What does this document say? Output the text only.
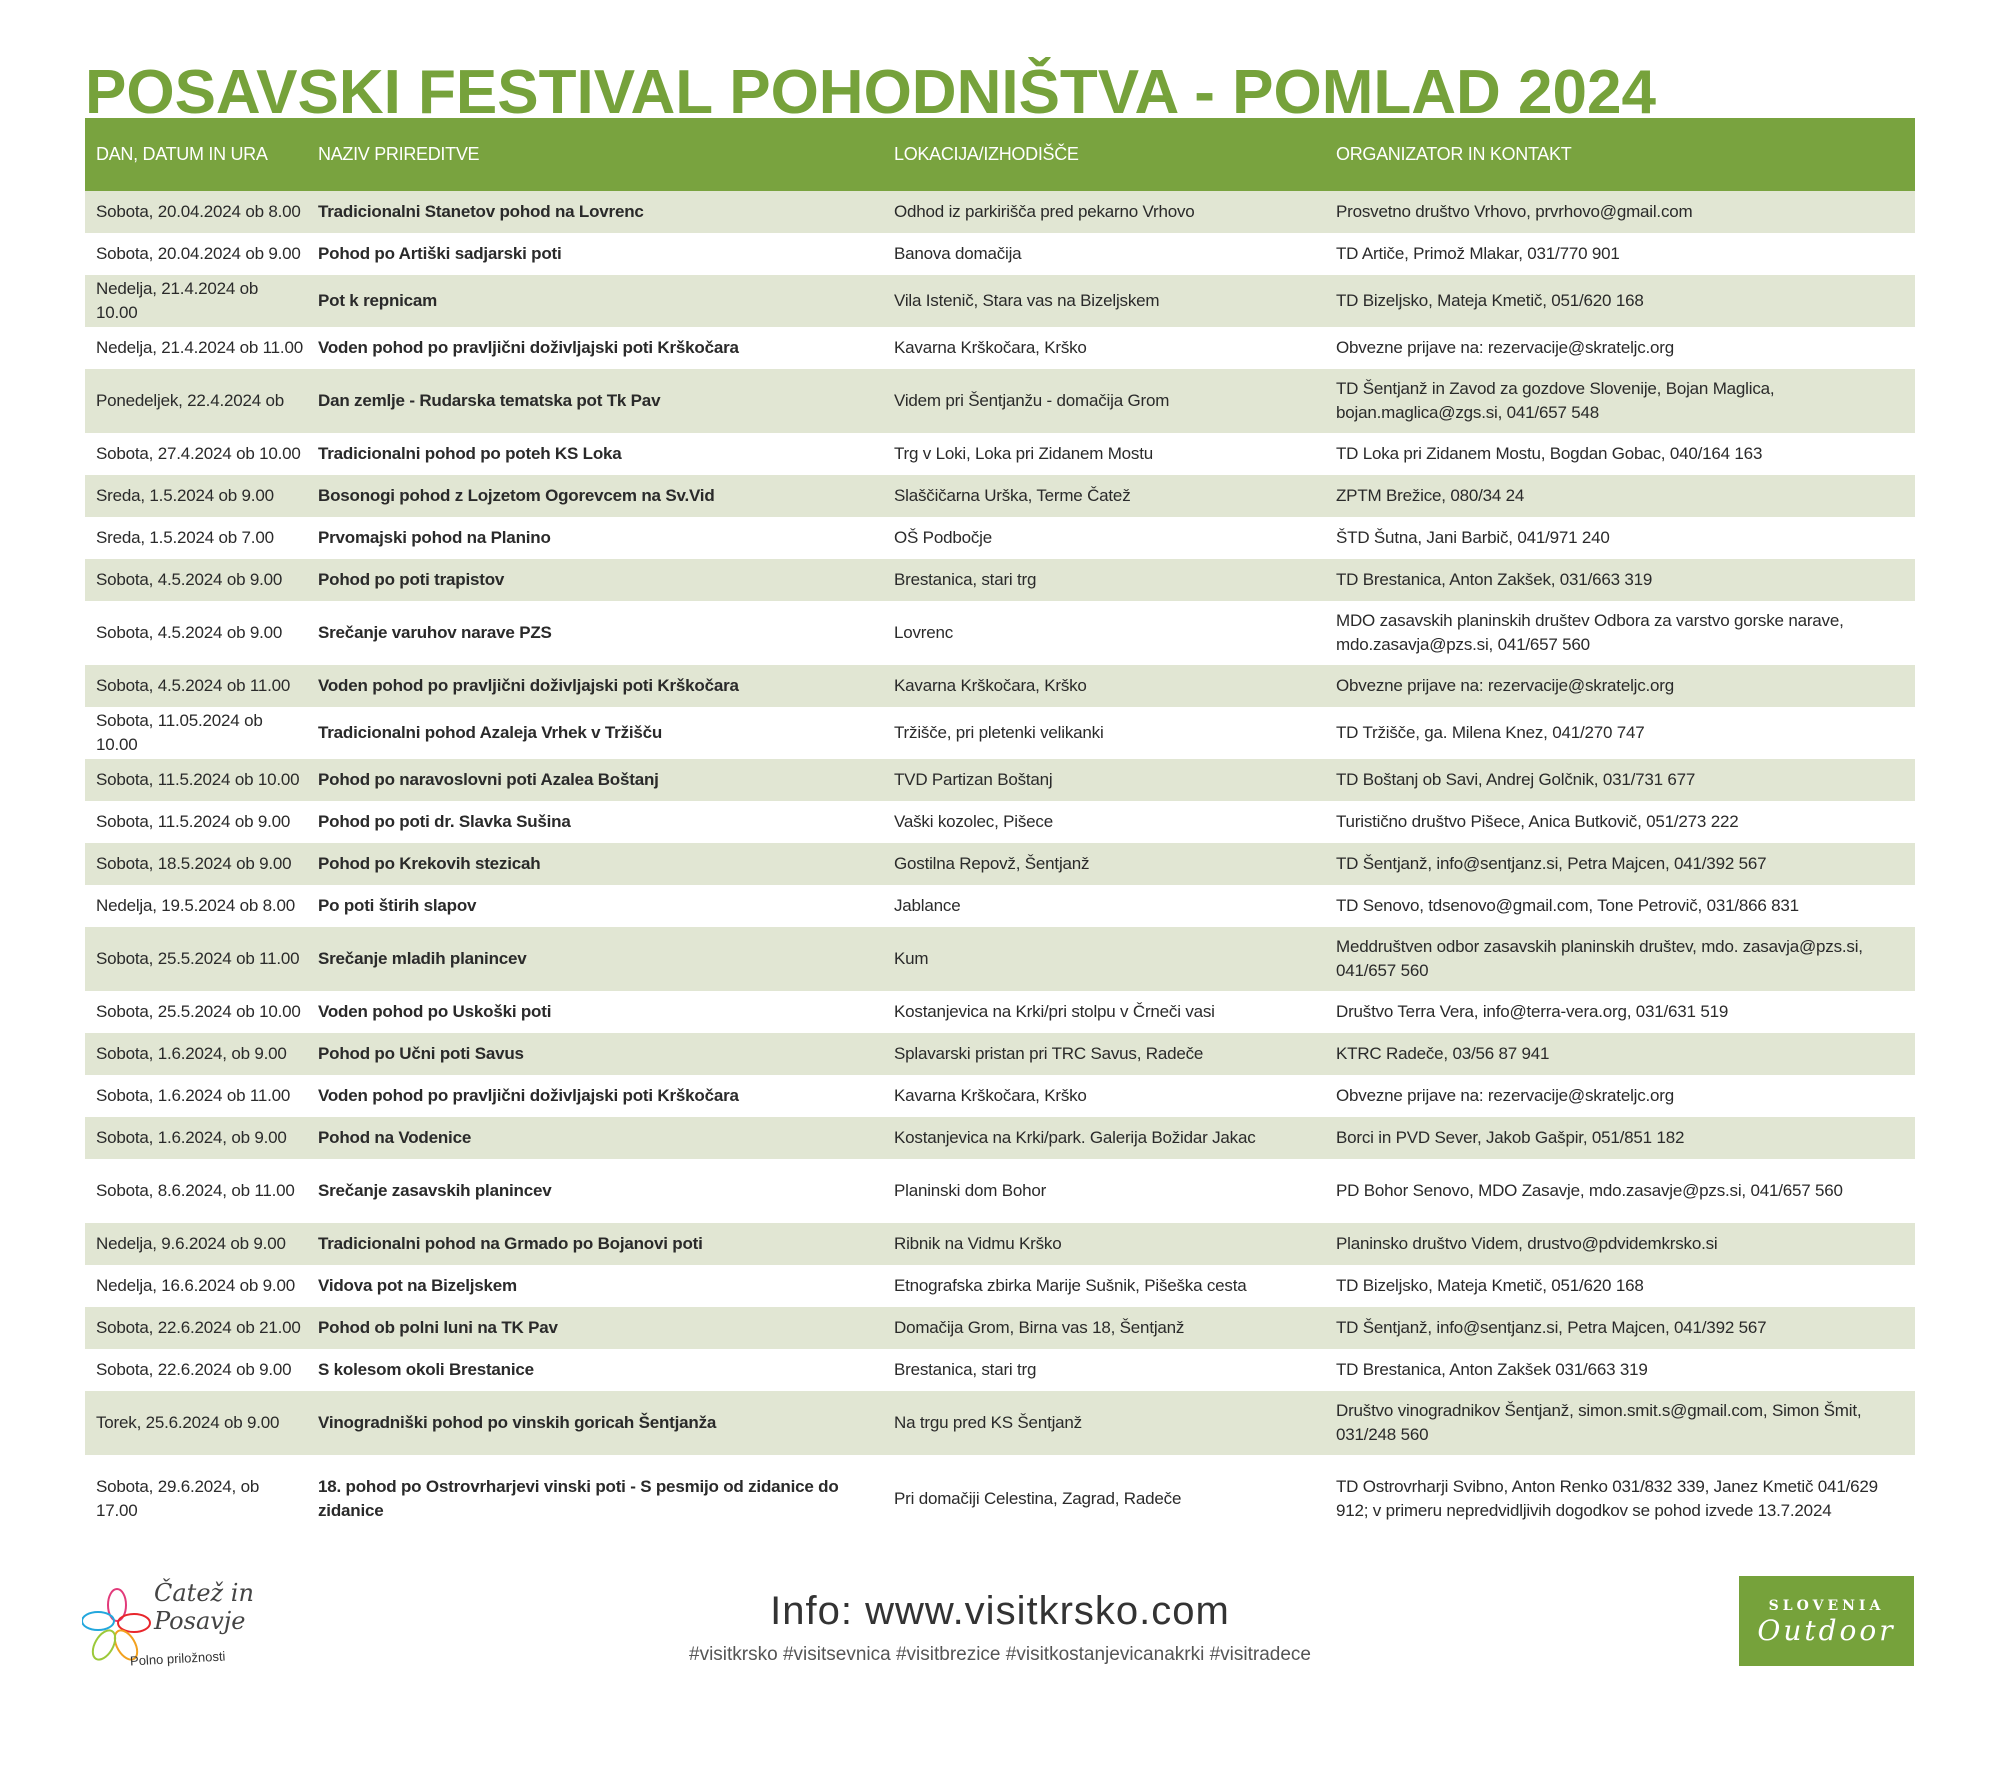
POSAVSKI FESTIVAL POHODNIŠTVA - POMLAD 2024
DAN, DATUM IN URA	NAZIV PRIREDITVE	LOKACIJA/IZHODIŠČE	ORGANIZATOR IN KONTAKT
Sobota, 20.04.2024 ob 8.00	Tradicionalni Stanetov pohod na Lovrenc	Odhod iz parkirišča pred pekarno Vrhovo	Prosvetno društvo Vrhovo, prvrhovo@gmail.com
Sobota, 20.04.2024 ob 9.00	Pohod po Artiški sadjarski poti	Banova domačija	TD Artiče, Primož Mlakar, 031/770 901
Nedelja, 21.4.2024 ob 10.00	Pot k repnicam	Vila Istenič, Stara vas na Bizeljskem	TD Bizeljsko, Mateja Kmetič, 051/620 168
Nedelja, 21.4.2024 ob 11.00	Voden pohod po pravljični doživljajski poti Krškočara	Kavarna Krškočara, Krško	Obvezne prijave na: rezervacije@skrateljc.org
Ponedeljek, 22.4.2024 ob	Dan zemlje - Rudarska tematska pot Tk Pav	Videm pri Šentjanžu - domačija Grom	TD Šentjanž in Zavod za gozdove Slovenije, Bojan Maglica, bojan.maglica@zgs.si, 041/657 548
Sobota, 27.4.2024 ob 10.00	Tradicionalni pohod po poteh KS Loka	Trg v Loki, Loka pri Zidanem Mostu	TD Loka pri Zidanem Mostu, Bogdan Gobac, 040/164 163
Sreda, 1.5.2024 ob 9.00	Bosonogi pohod z Lojzetom Ogorevcem na Sv.Vid	Slaščičarna Urška, Terme Čatež	ZPTM Brežice, 080/34 24
Sreda, 1.5.2024 ob 7.00	Prvomajski pohod na Planino	OŠ Podbočje	ŠTD Šutna, Jani Barbič, 041/971 240
Sobota, 4.5.2024 ob 9.00	Pohod po poti trapistov	Brestanica, stari trg	TD Brestanica, Anton Zakšek, 031/663 319
Sobota, 4.5.2024 ob 9.00	Srečanje varuhov narave PZS	Lovrenc	MDO zasavskih planinskih društev Odbora za varstvo gorske narave, mdo.zasavja@pzs.si, 041/657 560
Sobota, 4.5.2024 ob 11.00	Voden pohod po pravljični doživljajski poti Krškočara	Kavarna Krškočara, Krško	Obvezne prijave na: rezervacije@skrateljc.org
Sobota, 11.05.2024 ob 10.00	Tradicionalni pohod Azaleja Vrhek v Tržišču	Tržišče, pri pletenki velikanki	TD Tržišče, ga. Milena Knez, 041/270 747
Sobota, 11.5.2024 ob 10.00	Pohod po naravoslovni poti Azalea Boštanj	TVD Partizan Boštanj	TD Boštanj ob Savi, Andrej Golčnik, 031/731 677
Sobota, 11.5.2024 ob 9.00	Pohod po poti dr. Slavka Sušina	Vaški kozolec, Pišece	Turistično društvo Pišece, Anica Butkovič, 051/273 222
Sobota, 18.5.2024 ob 9.00	Pohod po Krekovih stezicah	Gostilna Repovž, Šentjanž	TD Šentjanž, info@sentjanz.si, Petra Majcen, 041/392 567
Nedelja, 19.5.2024 ob 8.00	Po poti štirih slapov	Jablance	TD Senovo, tdsenovo@gmail.com, Tone Petrovič, 031/866 831
Sobota, 25.5.2024 ob 11.00	Srečanje mladih planincev	Kum	Meddruštven odbor zasavskih planinskih društev, mdo. zasavja@pzs.si, 041/657 560
Sobota, 25.5.2024 ob 10.00	Voden pohod po Uskoški poti	Kostanjevica na Krki/pri stolpu v Črneči vasi	Društvo Terra Vera, info@terra-vera.org, 031/631 519
Sobota, 1.6.2024, ob 9.00	Pohod po Učni poti Savus	Splavarski pristan pri TRC Savus, Radeče	KTRC Radeče, 03/56 87 941
Sobota, 1.6.2024 ob 11.00	Voden pohod po pravljični doživljajski poti Krškočara	Kavarna Krškočara, Krško	Obvezne prijave na: rezervacije@skrateljc.org
Sobota, 1.6.2024, ob 9.00	Pohod na Vodenice	Kostanjevica na Krki/park. Galerija Božidar Jakac	Borci in PVD Sever, Jakob Gašpir, 051/851 182
Sobota, 8.6.2024, ob 11.00	Srečanje zasavskih planincev	Planinski dom Bohor	PD Bohor Senovo, MDO Zasavje, mdo.zasavje@pzs.si, 041/657 560
Nedelja, 9.6.2024 ob 9.00	Tradicionalni pohod na Grmado po Bojanovi poti	Ribnik na Vidmu Krško	Planinsko društvo Videm, drustvo@pdvidemkrsko.si
Nedelja, 16.6.2024 ob 9.00	Vidova pot na Bizeljskem	Etnografska zbirka Marije Sušnik, Pišeška cesta	TD Bizeljsko, Mateja Kmetič, 051/620 168
Sobota, 22.6.2024 ob 21.00	Pohod ob polni luni na TK Pav	Domačija Grom, Birna vas 18, Šentjanž	TD Šentjanž, info@sentjanz.si, Petra Majcen, 041/392 567
Sobota, 22.6.2024 ob 9.00	S kolesom okoli Brestanice	Brestanica, stari trg	TD Brestanica, Anton Zakšek 031/663 319
Torek, 25.6.2024 ob 9.00	Vinogradniški pohod po vinskih goricah Šentjanža	Na trgu pred KS Šentjanž	Društvo vinogradnikov Šentjanž, simon.smit.s@gmail.com, Simon Šmit, 031/248 560
Sobota, 29.6.2024, ob 17.00	18. pohod po Ostrovrharjevi vinski poti - S pesmijo od zidanice do zidanice	Pri domačiji Celestina, Zagrad, Radeče	TD Ostrovrharji Svibno, Anton Renko 031/832 339, Janez Kmetič 041/629 912; v primeru nepredvidljivih dogodkov se pohod izvede 13.7.2024
Čatež in
Posavje
Polno priložnosti
Info: www.visitkrsko.com
#visitkrsko #visitsevnica #visitbrezice #visitkostanjevicanakrki #visitradece
SLOVENIA
Outdoor
